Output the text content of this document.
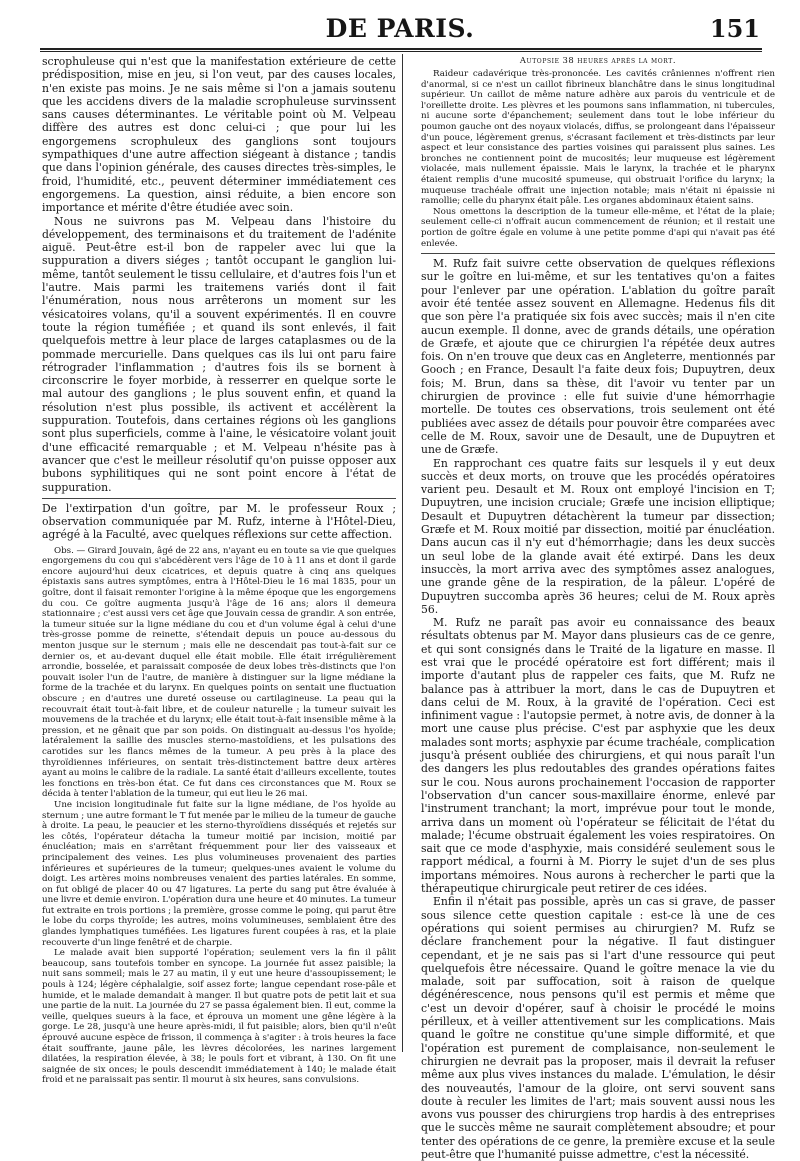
DE PARIS.	151

scrophuleuse qui n'est que la manifestation extérieure de cette prédisposition, mise en jeu, si l'on veut, par des causes locales, n'en existe pas moins. Je ne sais même si l'on a jamais soutenu que les accidens divers de la maladie scrophuleuse survinssent sans causes déterminantes. Le véritable point où M. Velpeau diffère des autres est donc celui-ci ; que pour lui les engorgemens scrophuleux des ganglions sont toujours sympathiques d'une autre affection siégeant à distance ; tandis que dans l'opinion générale, des causes directes très-simples, le froid, l'humidité, etc., peuvent déterminer immédiatement ces engorgemens. La question, ainsi réduite, a bien encore son importance et mérite d'être étudiée avec soin.

Nous ne suivrons pas M. Velpeau dans l'histoire du développement, des terminaisons et du traitement de l'adénite aiguë. Peut-être est-il bon de rappeler avec lui que la suppuration a divers siéges ; tantôt occupant le ganglion lui-même, tantôt seulement le tissu cellulaire, et d'autres fois l'un et l'autre. Mais parmi les traitemens variés dont il fait l'énumération, nous nous arrêterons un moment sur les vésicatoires volans, qu'il a souvent expérimentés. Il en couvre toute la région tuméfiée ; et quand ils sont enlevés, il fait quelquefois mettre à leur place de larges cataplasmes ou de la pommade mercurielle. Dans quelques cas ils lui ont paru faire rétrograder l'inflammation ; d'autres fois ils se bornent à circonscrire le foyer morbide, à resserrer en quelque sorte le mal autour des ganglions ; le plus souvent enfin, et quand la résolution n'est plus possible, ils activent et accélèrent la suppuration. Toutefois, dans certaines régions où les ganglions sont plus superficiels, comme à l'aine, le vésicatoire volant jouit d'une efficacité remarquable ; et M. Velpeau n'hésite pas à avancer que c'est le meilleur résolutif qu'on puisse opposer aux bubons syphilitiques qui ne sont point encore à l'état de suppuration.

De l'extirpation d'un goître, par M. le professeur Roux ; observation communiquée par M. Rufz, interne à l'Hôtel-Dieu, agrégé à la Faculté, avec quelques réflexions sur cette affection.

Obs. — Girard Jouvain, âgé de 22 ans, n'ayant eu en toute sa vie que quelques engorgemens du cou qui s'abcédèrent vers l'âge de 10 à 11 ans et dont il garde encore aujourd'hui deux cicatrices, et depuis quatre à cinq ans quelques épistaxis sans autres symptômes, entra à l'Hôtel-Dieu le 16 mai 1835, pour un goître, dont il faisait remonter l'origine à la même époque que les engorgemens du cou. Ce goître augmenta jusqu'à l'âge de 16 ans; alors il demeura stationnaire ; c'est aussi vers cet âge que Jouvain cessa de grandir. A son entrée, la tumeur située sur la ligne médiane du cou et d'un volume égal à celui d'une très-grosse pomme de reinette, s'étendait depuis un pouce au-dessous du menton jusque sur le sternum ; mais elle ne descendait pas tout-à-fait sur ce dernier os, et au-devant duquel elle était mobile. Elle était irrégulièrement arrondie, bosselée, et paraissait composée de deux lobes très-distincts que l'on pouvait isoler l'un de l'autre, de manière à distinguer sur la ligne médiane la forme de la trachée et du larynx. En quelques points on sentait une fluctuation obscure ; en d'autres une dureté osseuse ou cartilagineuse. La peau qui la recouvrait était tout-à-fait libre, et de couleur naturelle ; la tumeur suivait les mouvemens de la trachée et du larynx; elle était tout-à-fait insensible même à la pression, et ne gênait que par son poids. On distinguait au-dessus l'os hyoïde; latéralement la saillie des muscles sterno-mastoïdiens, et les pulsations des carotides sur les flancs mêmes de la tumeur. A peu près à la place des thyroïdiennes inférieures, on sentait très-distinctement battre deux artères ayant au moins le calibre de la radiale. La santé était d'ailleurs excellente, toutes les fonctions en très-bon état. Ce fut dans ces circonstances que M. Roux se décida à tenter l'ablation de la tumeur, qui eut lieu le 26 mai.

Une incision longitudinale fut faite sur la ligne médiane, de l'os hyoïde au sternum ; une autre formant le T fut menée par le milieu de la tumeur de gauche à droite. La peau, le peaucier et les sterno-thyroïdiens disséqués et rejetés sur les côtés, l'opérateur détacha la tumeur moitié par incision, moitié par énucléation; mais en s'arrêtant fréquemment pour lier des vaisseaux et principalement des veines. Les plus volumineuses provenaient des parties inférieures et supérieures de la tumeur; quelques-unes avaient le volume du doigt. Les artères moins nombreuses venaient des parties latérales. En somme, on fut obligé de placer 40 ou 47 ligatures. La perte du sang put être évaluée à une livre et demie environ. L'opération dura une heure et 40 minutes. La tumeur fut extraite en trois portions ; la première, grosse comme le poing, qui parut être le lobe du corps thyroïde; les autres, moins volumineuses, semblaient être des glandes lymphatiques tuméfiées. Les ligatures furent coupées à ras, et la plaie recouverte d'un linge fenêtré et de charpie.

Le malade avait bien supporté l'opération; seulement vers la fin il pâlit beaucoup, sans toutefois tomber en syncope. La journée fut assez paisible; la nuit sans sommeil; mais le 27 au matin, il y eut une heure d'assoupissement; le pouls à 124; légère céphalalgie, soif assez forte; langue cependant rose-pâle et humide, et le malade demandait à manger. Il but quatre pots de petit lait et sua une partie de la nuit. La journée du 27 se passa également bien. Il eut, comme la veille, quelques sueurs à la face, et éprouva un moment une gêne légère à la gorge. Le 28, jusqu'à une heure après-midi, il fut paisible; alors, bien qu'il n'eût éprouvé aucune espèce de frisson, il commença à s'agiter : à trois heures la face était souffrante, jaune pâle, les lèvres décolorées, les narines largement dilatées, la respiration élevée, à 38; le pouls fort et vibrant, à 130. On fit une saignée de six onces; le pouls descendit immédiatement à 140; le malade était froid et ne paraissait pas sentir. Il mourut à six heures, sans convulsions.

Autopsie 38 heures après la mort.

Raideur cadavérique très-prononcée. Les cavités crâniennes n'offrent rien d'anormal, si ce n'est un caillot fibrineux blanchâtre dans le sinus longitudinal supérieur. Un caillot de même nature adhère aux parois du ventricule et de l'oreillette droite. Les plèvres et les poumons sans inflammation, ni tubercules, ni aucune sorte d'épanchement; seulement dans tout le lobe inférieur du poumon gauche ont des noyaux violacés, diffus, se prolongeant dans l'épaisseur d'un pouce, légèrement grenus, s'écrasant facilement et très-distincts par leur aspect et leur consistance des parties voisines qui paraissent plus saines. Les bronches ne contiennent point de mucosités; leur muqueuse est légèrement violacée, mais nullement épaissie. Mais le larynx, la trachée et le pharynx étaient remplis d'une mucosité spumeuse, qui obstruait l'orifice du larynx; la muqueuse trachéale offrait une injection notable; mais n'était ni épaissie ni ramollie; celle du pharynx était pâle. Les organes abdominaux étaient sains.

Nous omettons la description de la tumeur elle-même, et l'état de la plaie; seulement celle-ci n'offrait aucun commencement de réunion; et il restait une portion de goître égale en volume à une petite pomme d'api qui n'avait pas été enlevée.

M. Rufz fait suivre cette observation de quelques réflexions sur le goître en lui-même, et sur les tentatives qu'on a faites pour l'enlever par une opération. L'ablation du goître paraît avoir été tentée assez souvent en Allemagne. Hedenus fils dit que son père l'a pratiquée six fois avec succès; mais il n'en cite aucun exemple. Il donne, avec de grands détails, une opération de Græfe, et ajoute que ce chirurgien l'a répétée deux autres fois. On n'en trouve que deux cas en Angleterre, mentionnés par Gooch ; en France, Desault l'a faite deux fois; Dupuytren, deux fois; M. Brun, dans sa thèse, dit l'avoir vu tenter par un chirurgien de province : elle fut suivie d'une hémorrhagie mortelle. De toutes ces observations, trois seulement ont été publiées avec assez de détails pour pouvoir être comparées avec celle de M. Roux, savoir une de Desault, une de Dupuytren et une de Græfe.

En rapprochant ces quatre faits sur lesquels il y eut deux succès et deux morts, on trouve que les procédés opératoires varient peu. Desault et M. Roux ont employé l'incision en T; Dupuytren, une incision cruciale; Græfe une incision elliptique; Desault et Dupuytren détachèrent la tumeur par dissection; Græfe et M. Roux moitié par dissection, moitié par énucléation. Dans aucun cas il n'y eut d'hémorrhagie; dans les deux succès un seul lobe de la glande avait été extirpé. Dans les deux insuccès, la mort arriva avec des symptômes assez analogues, une grande gêne de la respiration, de la pâleur. L'opéré de Dupuytren succomba après 36 heures; celui de M. Roux après 56.

M. Rufz ne paraît pas avoir eu connaissance des beaux résultats obtenus par M. Mayor dans plusieurs cas de ce genre, et qui sont consignés dans le Traité de la ligature en masse. Il est vrai que le procédé opératoire est fort différent; mais il importe d'autant plus de rappeler ces faits, que M. Rufz ne balance pas à attribuer la mort, dans le cas de Dupuytren et dans celui de M. Roux, à la gravité de l'opération. Ceci est infiniment vague : l'autopsie permet, à notre avis, de donner à la mort une cause plus précise. C'est par asphyxie que les deux malades sont morts; asphyxie par écume trachéale, complication jusqu'à présent oubliée des chirurgiens, et qui nous paraît l'un des dangers les plus redoutables des grandes opérations faites sur le cou. Nous aurons prochainement l'occasion de rapporter l'observation d'un cancer sous-maxillaire énorme, enlevé par l'instrument tranchant; la mort, imprévue pour tout le monde, arriva dans un moment où l'opérateur se félicitait de l'état du malade; l'écume obstruait également les voies respiratoires. On sait que ce mode d'asphyxie, mais considéré seulement sous le rapport médical, a fourni à M. Piorry le sujet d'un de ses plus importans mémoires. Nous aurons à rechercher le parti que la thérapeutique chirurgicale peut retirer de ces idées.

Enfin il n'était pas possible, après un cas si grave, de passer sous silence cette question capitale : est-ce là une de ces opérations qui soient permises au chirurgien? M. Rufz se déclare franchement pour la négative. Il faut distinguer cependant, et je ne sais pas si l'art d'une ressource qui peut quelquefois être nécessaire. Quand le goître menace la vie du malade, soit par suffocation, soit à raison de quelque dégénérescence, nous pensons qu'il est permis et même que c'est un devoir d'opérer, sauf à choisir le procédé le moins périlleux, et à veiller attentivement sur les complications. Mais quand le goître ne constitue qu'une simple difformité, et que l'opération est purement de complaisance, non-seulement le chirurgien ne devrait pas la proposer, mais il devrait la refuser même aux plus vives instances du malade. L'émulation, le désir des nouveautés, l'amour de la gloire, ont servi souvent sans doute à reculer les limites de l'art; mais souvent aussi nous les avons vus pousser des chirurgiens trop hardis à des entreprises que le succès même ne saurait complètement absoudre; et pour tenter des opérations de ce genre, la première excuse et la seule peut-être que l'humanité puisse admettre, c'est la nécessité.
